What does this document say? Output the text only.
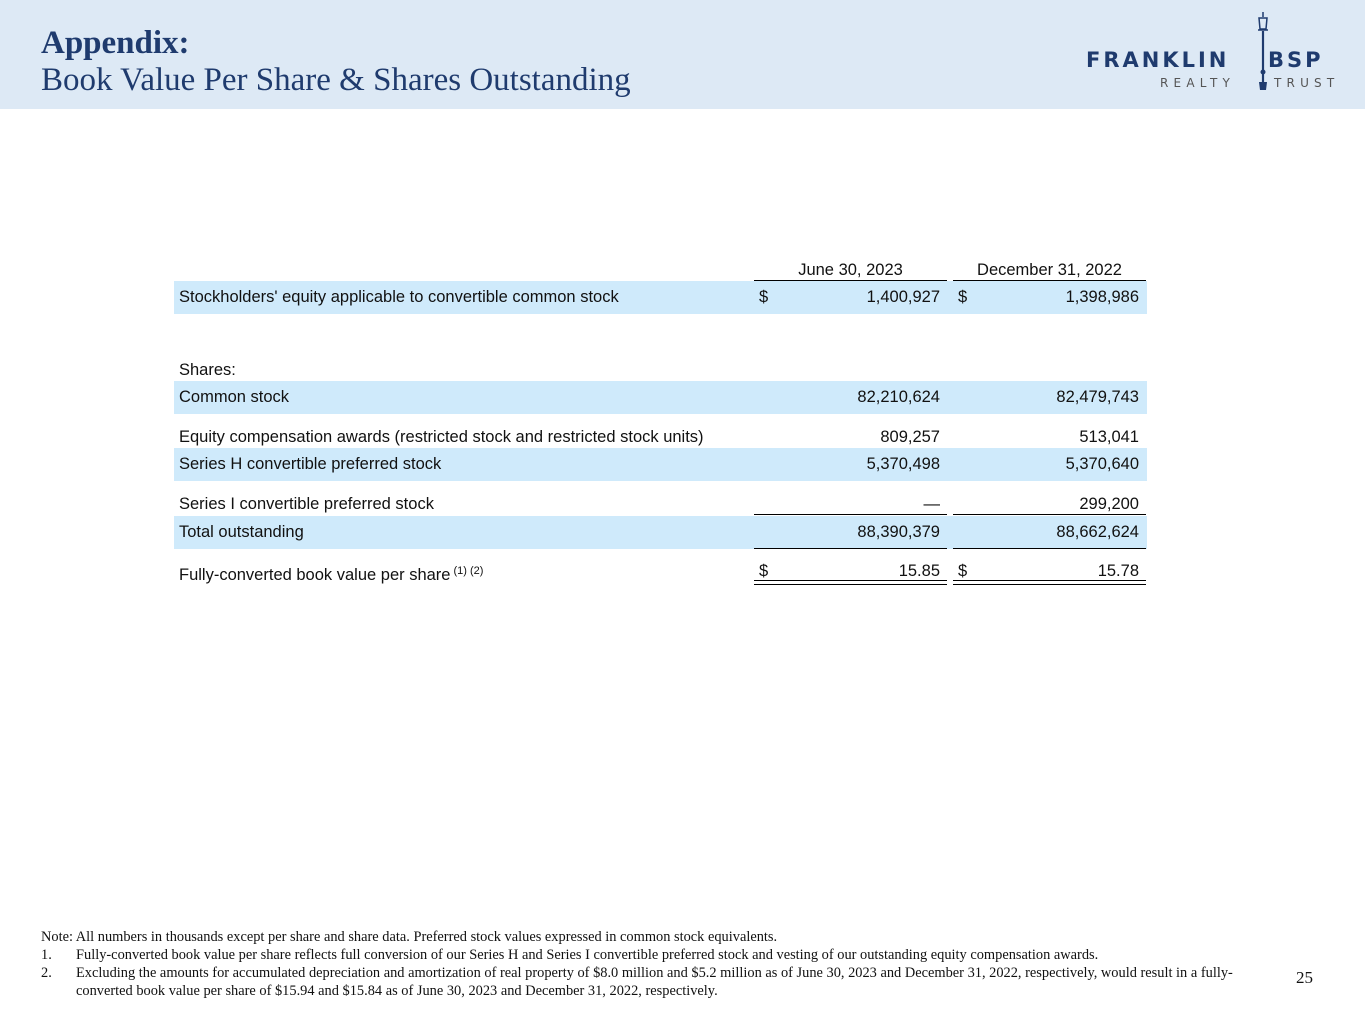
Appendix:
Book Value Per Share & Shares Outstanding
FRANKLIN BSP
REALTY	TRUST
June 30, 2023	December 31, 2022
Stockholders' equity applicable to convertible common stock	$	1,400,927 $	1,398,986
Shares:
Common stock	82,210,624	82,479,743
Equity compensation awards (restricted stock and restricted stock units)	809,257	513,041
Series H convertible preferred stock	5,370,498	5,370,640
Series I convertible preferred stock	—	299,200
Total outstanding	88,390,379	88,662,624
Fully-converted book value per share $^{(1) (2)}$	$	15.85 $	15.78
Note: All numbers in thousands except per share and share data. Preferred stock values expressed in common stock equivalents.
1. Fully-converted book value per share reflects full conversion of our Series H and Series I convertible preferred stock and vesting of our outstanding equity compensation awards.
2. Excluding the amounts for accumulated depreciation and amortization of real property of $8.0 million and $5.2 million as of June 30, 2023 and December 31, 2022, respectively, would result in a fully-converted book value per share of $15.94 and $15.84 as of June 30, 2023 and December 31, 2022, respectively.
25
